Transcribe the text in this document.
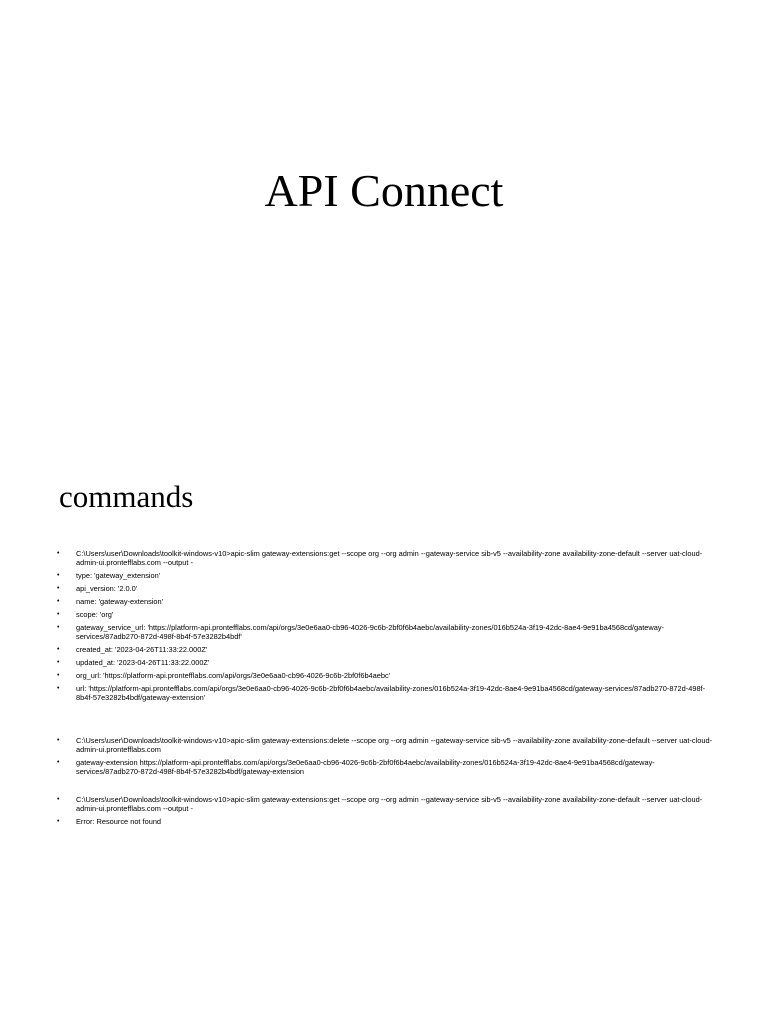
API Connect
commands
• C:\Users\user\Downloads\toolkit-windows-v10>apic-slim gateway-extensions:get --scope org --org admin --gateway-service sib-v5 --availability-zone availability-zone-default --server uat-cloud-admin-ui.prontefflabs.com --output -
• type: 'gateway_extension'
• api_version: '2.0.0'
• name: 'gateway-extension'
• scope: 'org'
• gateway_service_url: 'https://platform-api.prontefflabs.com/api/orgs/3e0e6aa0-cb96-4026-9c6b-2bf0f6b4aebc/availability-zones/016b524a-3f19-42dc-8ae4-9e91ba4568cd/gateway-services/87adb270-872d-498f-8b4f-57e3282b4bdf'
• created_at: '2023-04-26T11:33:22.000Z'
• updated_at: '2023-04-26T11:33:22.000Z'
• org_url: 'https://platform-api.prontefflabs.com/api/orgs/3e0e6aa0-cb96-4026-9c6b-2bf0f6b4aebc'
• url: 'https://platform-api.prontefflabs.com/api/orgs/3e0e6aa0-cb96-4026-9c6b-2bf0f6b4aebc/availability-zones/016b524a-3f19-42dc-8ae4-9e91ba4568cd/gateway-services/87adb270-872d-498f-8b4f-57e3282b4bdf/gateway-extension'
• C:\Users\user\Downloads\toolkit-windows-v10>apic-slim gateway-extensions:delete --scope org --org admin --gateway-service sib-v5 --availability-zone availability-zone-default --server uat-cloud-admin-ui.prontefflabs.com
• gateway-extension https://platform-api.prontefflabs.com/api/orgs/3e0e6aa0-cb96-4026-9c6b-2bf0f6b4aebc/availability-zones/016b524a-3f19-42dc-8ae4-9e91ba4568cd/gateway-services/87adb270-872d-498f-8b4f-57e3282b4bdf/gateway-extension
• C:\Users\user\Downloads\toolkit-windows-v10>apic-slim gateway-extensions:get --scope org --org admin --gateway-service sib-v5 --availability-zone availability-zone-default --server uat-cloud-admin-ui.prontefflabs.com --output -
• Error: Resource not found
